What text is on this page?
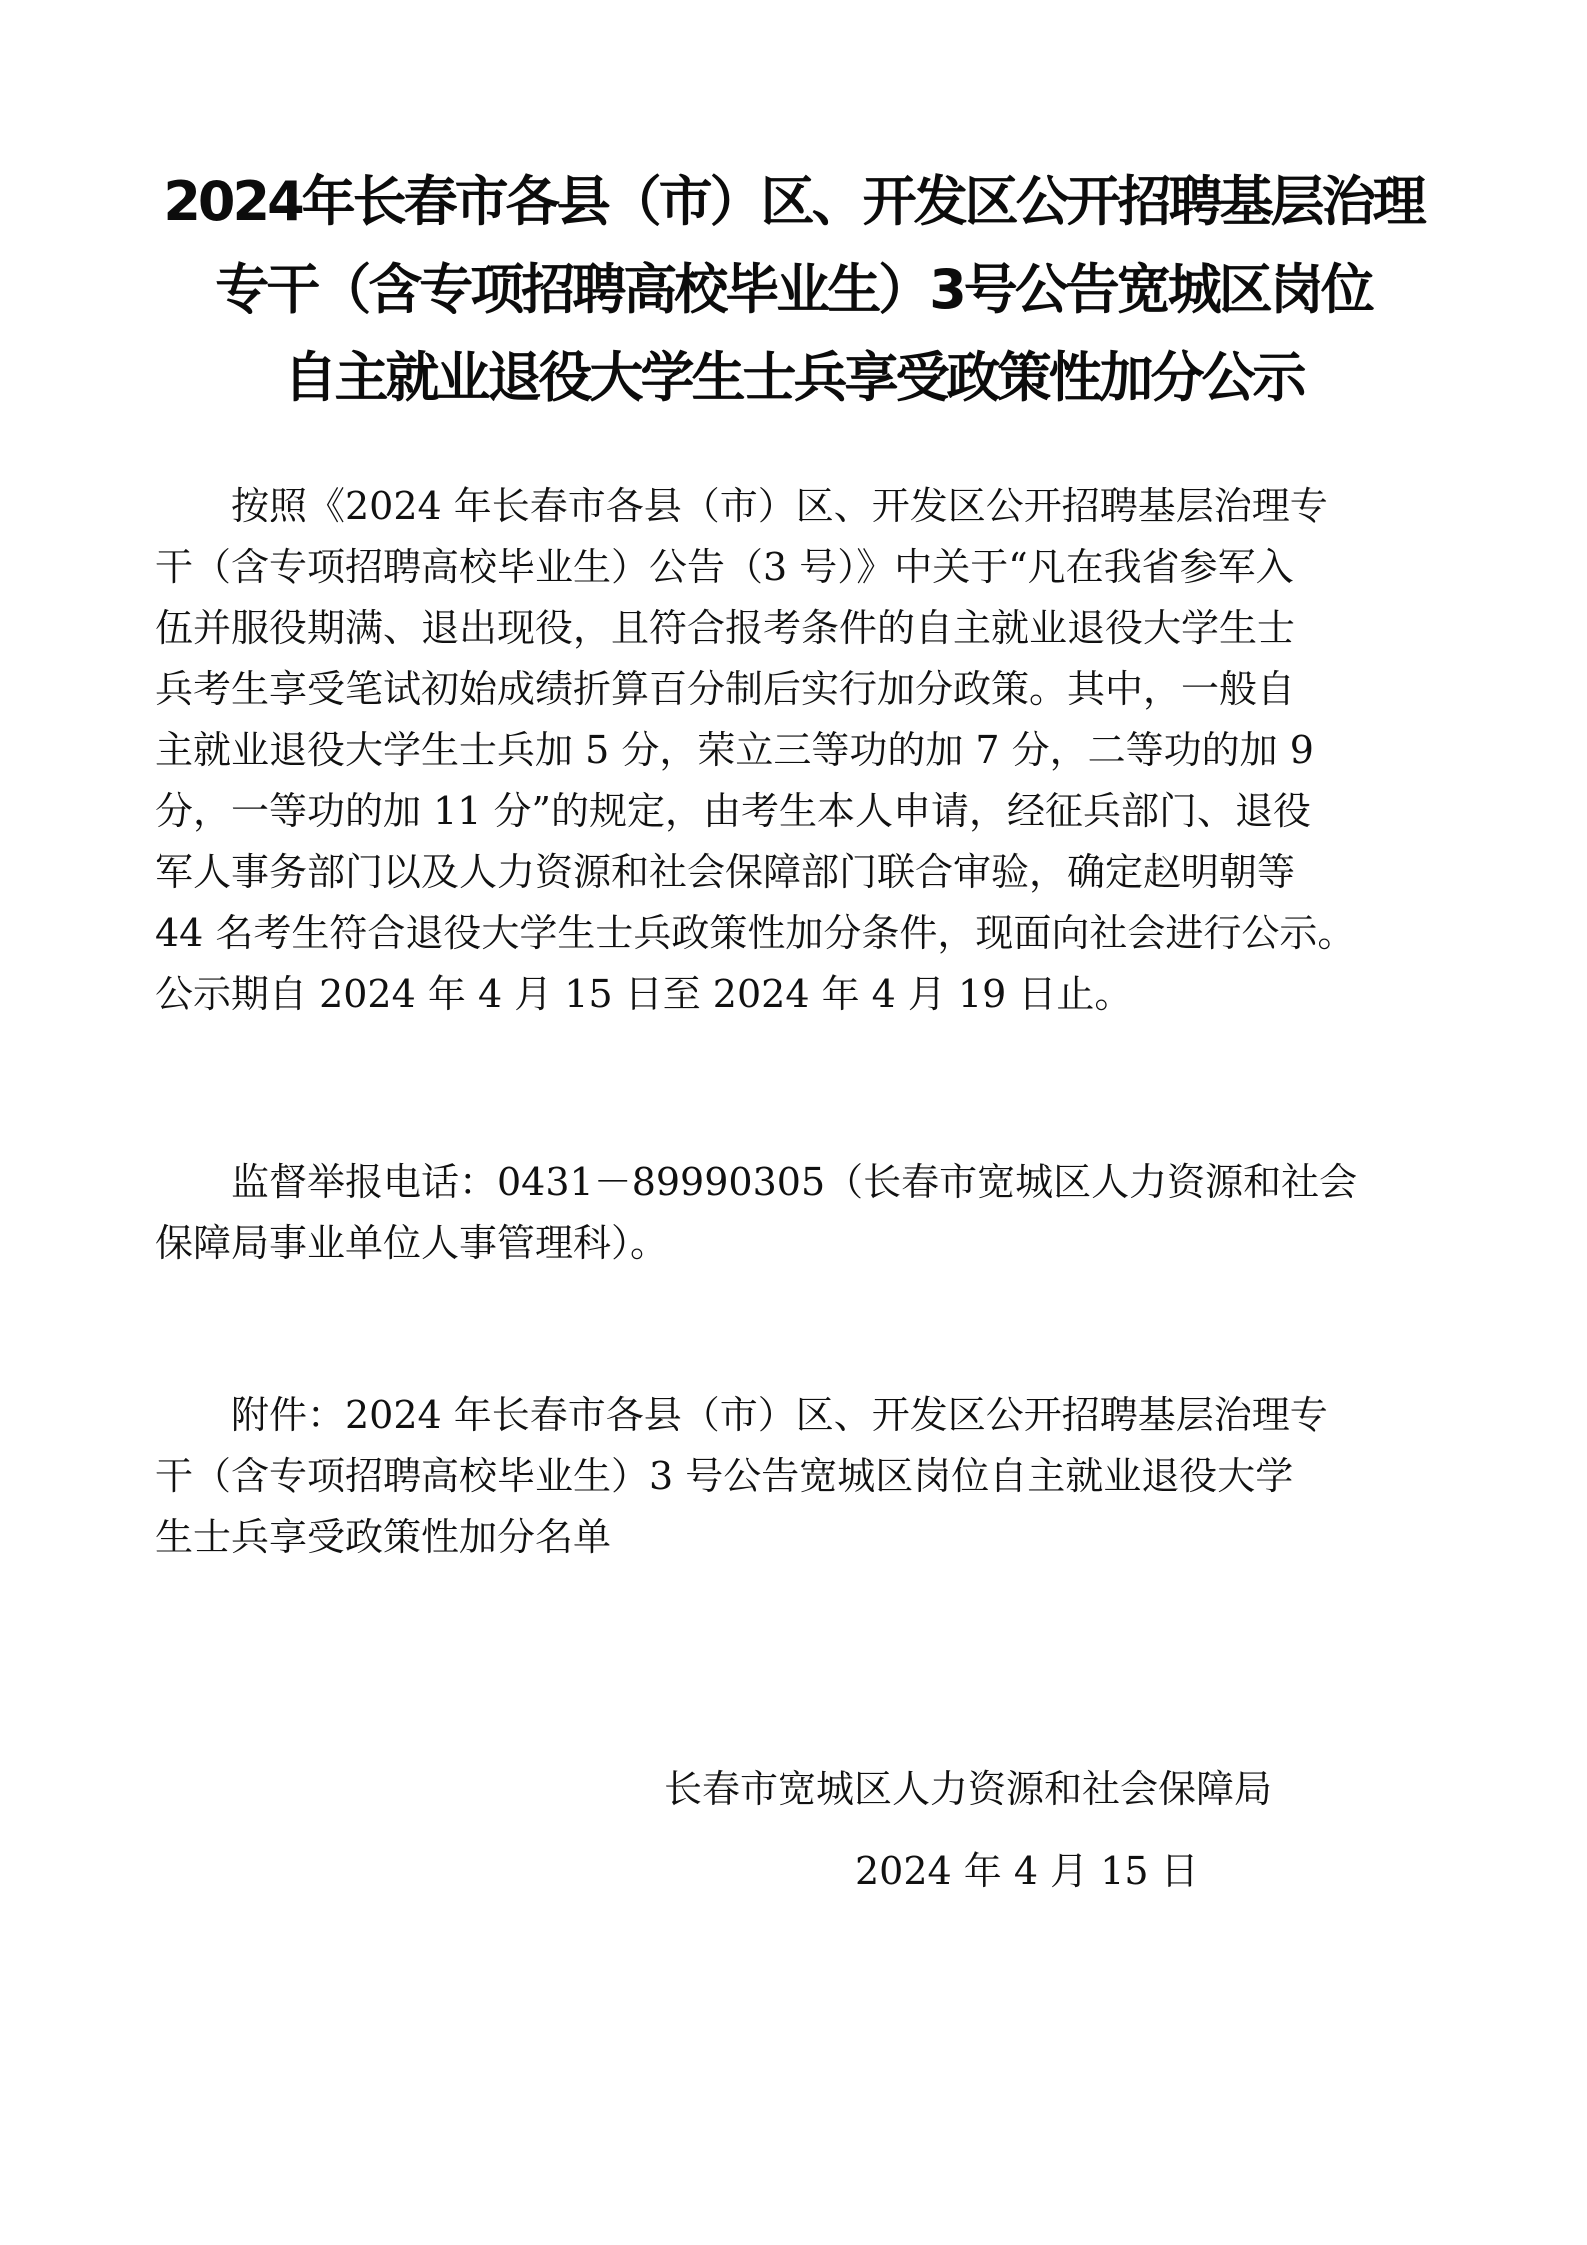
2024年长春市各县（市）区、开发区公开招聘基层治理
专干（含专项招聘高校毕业生）3号公告宽城区岗位
自主就业退役大学生士兵享受政策性加分公示
　　按照《2024 年长春市各县（市）区、开发区公开招聘基层治理专
干（含专项招聘高校毕业生）公告（3 号）》中关于“凡在我省参军入
伍并服役期满、退出现役，且符合报考条件的自主就业退役大学生士
兵考生享受笔试初始成绩折算百分制后实行加分政策。其中，一般自
主就业退役大学生士兵加 5 分，荣立三等功的加 7 分，二等功的加 9
分，一等功的加 11 分”的规定，由考生本人申请，经征兵部门、退役
军人事务部门以及人力资源和社会保障部门联合审验，确定赵明朝等
44 名考生符合退役大学生士兵政策性加分条件，现面向社会进行公示。
公示期自 2024 年 4 月 15 日至 2024 年 4 月 19 日止。
　　监督举报电话：0431－89990305（长春市宽城区人力资源和社会
保障局事业单位人事管理科）。
　　附件：2024 年长春市各县（市）区、开发区公开招聘基层治理专
干（含专项招聘高校毕业生）3 号公告宽城区岗位自主就业退役大学
生士兵享受政策性加分名单
长春市宽城区人力资源和社会保障局
2024 年 4 月 15 日
